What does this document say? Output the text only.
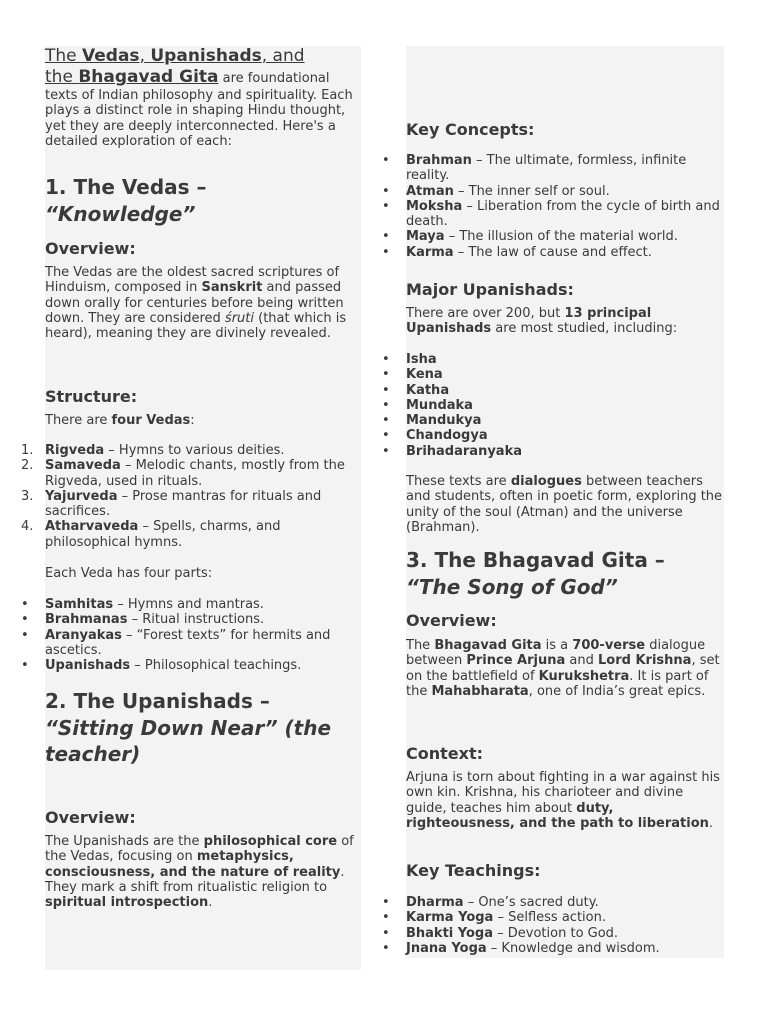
The Vedas, Upanishads, and
the Bhagavad Gita are foundational texts of Indian philosophy and spirituality. Each plays a distinct role in shaping Hindu thought, yet they are deeply interconnected. Here's a detailed exploration of each:

1. The Vedas – “Knowledge”
Overview:

The Vedas are the oldest sacred scriptures of Hinduism, composed in Sanskrit and passed down orally for centuries before being written down. They are considered śruti (that which is heard), meaning they are divinely revealed.

Structure:

There are four Vedas:

1. Rigveda – Hymns to various deities.
2. Samaveda – Melodic chants, mostly from the Rigveda, used in rituals.
3. Yajurveda – Prose mantras for rituals and sacrifices.
4. Atharvaveda – Spells, charms, and philosophical hymns.

Each Veda has four parts:

• Samhitas – Hymns and mantras.
• Brahmanas – Ritual instructions.
• Aranyakas – “Forest texts” for hermits and ascetics.
• Upanishads – Philosophical teachings.
2. The Upanishads – “Sitting Down Near” (the teacher)
Overview:

The Upanishads are the philosophical core of the Vedas, focusing on metaphysics, consciousness, and the nature of reality. They mark a shift from ritualistic religion to spiritual introspection.

Key Concepts:
• Brahman – The ultimate, formless, infinite reality.
• Atman – The inner self or soul.
• Moksha – Liberation from the cycle of birth and death.
• Maya – The illusion of the material world.
• Karma – The law of cause and effect.
Major Upanishads:

There are over 200, but 13 principal Upanishads are most studied, including:

• Isha
• Kena
• Katha
• Mundaka
• Mandukya
• Chandogya
• Brihadaranyaka

These texts are dialogues between teachers and students, often in poetic form, exploring the unity of the soul (Atman) and the universe (Brahman).

3. The Bhagavad Gita – “The Song of God”
Overview:

The Bhagavad Gita is a 700-verse dialogue between Prince Arjuna and Lord Krishna, set on the battlefield of Kurukshetra. It is part of the Mahabharata, one of India’s great epics.

Context:

Arjuna is torn about fighting in a war against his own kin. Krishna, his charioteer and divine guide, teaches him about duty, righteousness, and the path to liberation.

Key Teachings:
• Dharma – One’s sacred duty.
• Karma Yoga – Selfless action.
• Bhakti Yoga – Devotion to God.
• Jnana Yoga – Knowledge and wisdom.
